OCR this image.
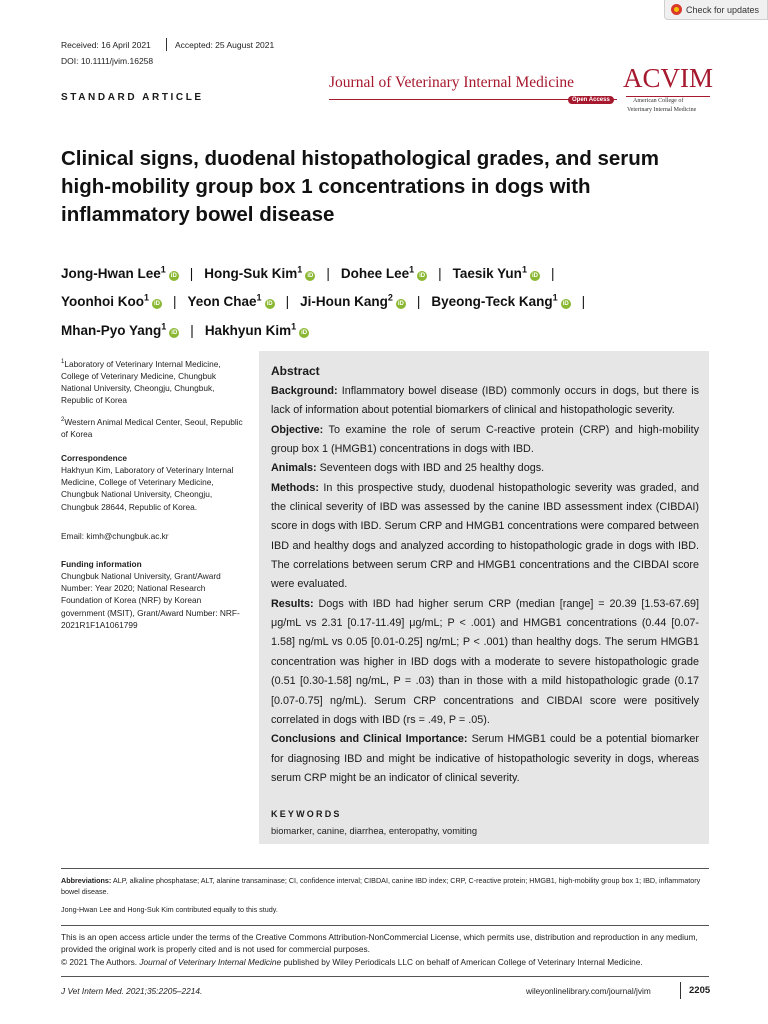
Check for updates
Received: 16 April 2021	Accepted: 25 August 2021
DOI: 10.1111/jvim.16258
STANDARD ARTICLE
Journal of Veterinary Internal Medicine
Open Access
ACVIM
American College of
Veterinary Internal Medicine
Clinical signs, duodenal histopathological grades, and serum high-mobility group box 1 concentrations in dogs with inflammatory bowel disease
Jong-Hwan Lee$^1$iD | Hong-Suk Kim$^1$iD | Dohee Lee$^1$iD | Taesik Yun$^1$iD |
Yoonhoi Koo$^1$iD | Yeon Chae$^1$iD | Ji-Houn Kang$^2$iD | Byeong-Teck Kang$^1$iD |
Mhan-Pyo Yang$^1$iD | Hakhyun Kim$^1$iD
$^1$Laboratory of Veterinary Internal Medicine, College of Veterinary Medicine, Chungbuk National University, Cheongju, Chungbuk, Republic of Korea
$^2$Western Animal Medical Center, Seoul, Republic of Korea
Correspondence
Hakhyun Kim, Laboratory of Veterinary Internal Medicine, College of Veterinary Medicine, Chungbuk National University, Cheongju, Chungbuk 28644, Republic of Korea.
Email: kimh@chungbuk.ac.kr
Funding information
Chungbuk National University, Grant/Award Number: Year 2020; National Research Foundation of Korea (NRF) by Korean government (MSIT), Grant/Award Number: NRF-2021R1F1A1061799
Abstract

Background: Inflammatory bowel disease (IBD) commonly occurs in dogs, but there is lack of information about potential biomarkers of clinical and histopathologic severity.

Objective: To examine the role of serum C-reactive protein (CRP) and high-mobility group box 1 (HMGB1) concentrations in dogs with IBD.

Animals: Seventeen dogs with IBD and 25 healthy dogs.

Methods: In this prospective study, duodenal histopathologic severity was graded, and the clinical severity of IBD was assessed by the canine IBD assessment index (CIBDAI) score in dogs with IBD. Serum CRP and HMGB1 concentrations were compared between IBD and healthy dogs and analyzed according to histopathologic grade in dogs with IBD. The correlations between serum CRP and HMGB1 concentrations and the CIBDAI score were evaluated.

Results: Dogs with IBD had higher serum CRP (median [range] = 20.39 [1.53-67.69] μg/mL vs 2.31 [0.17-11.49] μg/mL; P < .001) and HMGB1 concentrations (0.44 [0.07-1.58] ng/mL vs 0.05 [0.01-0.25] ng/mL; P < .001) than healthy dogs. The serum HMGB1 concentration was higher in IBD dogs with a moderate to severe histopathologic grade (0.51 [0.30-1.58] ng/mL, P = .03) than in those with a mild histopathologic grade (0.17 [0.07-0.75] ng/mL). Serum CRP concentrations and CIBDAI score were positively correlated in dogs with IBD (rs = .49, P = .05).

Conclusions and Clinical Importance: Serum HMGB1 could be a potential biomarker for diagnosing IBD and might be indicative of histopathologic severity in dogs, whereas serum CRP might be an indicator of clinical severity.

KEYWORDS
biomarker, canine, diarrhea, enteropathy, vomiting
Abbreviations: ALP, alkaline phosphatase; ALT, alanine transaminase; CI, confidence interval; CIBDAI, canine IBD index; CRP, C-reactive protein; HMGB1, high-mobility group box 1; IBD, inflammatory bowel disease.
Jong-Hwan Lee and Hong-Suk Kim contributed equally to this study.
This is an open access article under the terms of the Creative Commons Attribution-NonCommercial License, which permits use, distribution and reproduction in any medium, provided the original work is properly cited and is not used for commercial purposes.
© 2021 The Authors. Journal of Veterinary Internal Medicine published by Wiley Periodicals LLC on behalf of American College of Veterinary Internal Medicine.
J Vet Intern Med. 2021;35:2205–2214.	wileyonlinelibrary.com/journal/jvim	2205
